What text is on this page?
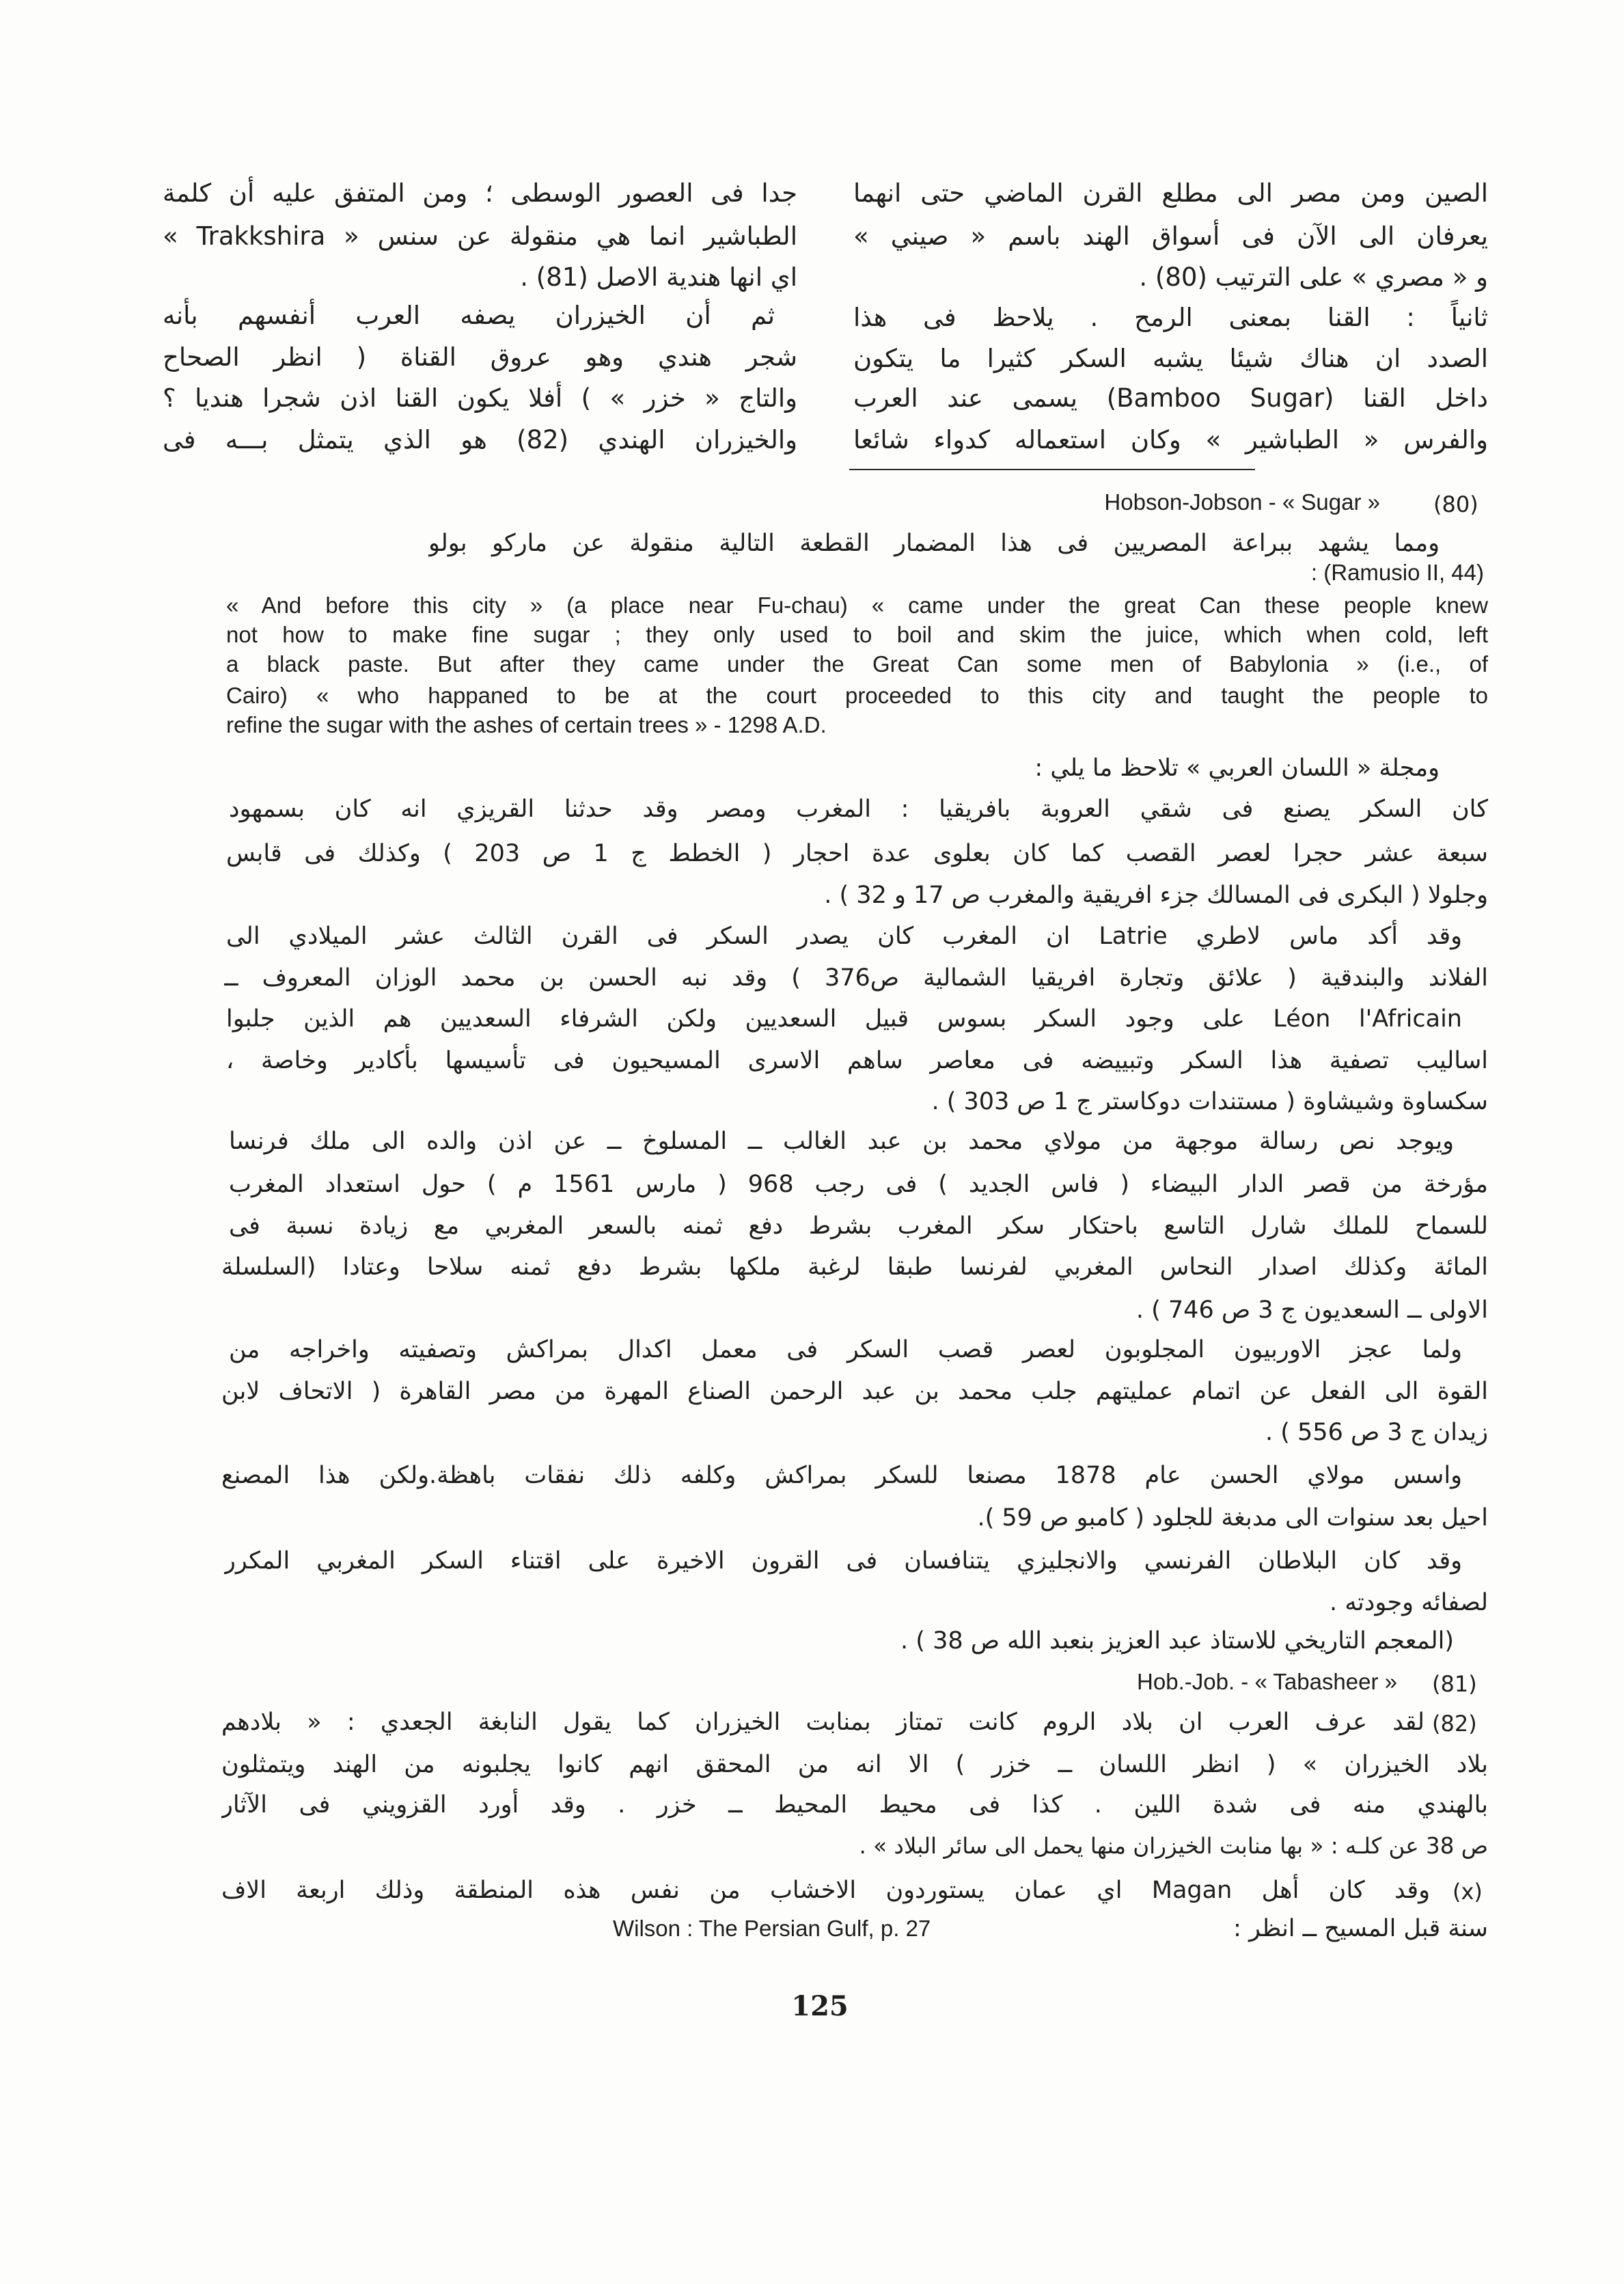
الصين ومن مصر الى مطلع القرن الماضي حتى انهما
يعرفان الى الآن فى أسواق الهند باسم « صيني »
و « مصري » على الترتيب (80) .
ثانياً : القنا بمعنى الرمح . يلاحظ فى هذا
الصدد ان هناك شيئا يشبه السكر كثيرا ما يتكون
داخل القنا (Bamboo Sugar) يسمى عند العرب
والفرس « الطباشير » وكان استعماله كدواء شائعا
جدا فى العصور الوسطى ؛ ومن المتفق عليه أن كلمة
الطباشير انما هي منقولة عن سنس « Trakkshira »
اي انها هندية الاصل (81) .
ثم أن الخيزران يصفه العرب أنفسهم بأنه
شجر هندي وهو عروق القناة ( انظر الصحاح
والتاج « خزر » ) أفلا يكون القنا اذن شجرا هنديا ؟
والخيزران الهندي (82) هو الذي يتمثل بـــه فى
(80)
Hobson-Jobson - « Sugar »
ومما يشهد ببراعة المصريين فى هذا المضمار القطعة التالية منقولة عن ماركو بولو
: (Ramusio II, 44)
« And before this city » (a place near Fu-chau) « came under the great Can these people knew
not how to make fine sugar ; they only used to boil and skim the juice, which when cold, left
a black paste. But after they came under the Great Can some men of Babylonia » (i.e., of
Cairo) « who happaned to be at the court proceeded to this city and taught the people to
refine the sugar with the ashes of certain trees » - 1298 A.D.
ومجلة « اللسان العربي » تلاحظ ما يلي :
كان السكر يصنع فى شقي العروبة بافريقيا : المغرب ومصر وقد حدثنا القريزي انه كان بسمهود
سبعة عشر حجرا لعصر القصب كما كان بعلوى عدة احجار ( الخطط ج 1 ص 203 ) وكذلك فى قابس
وجلولا ( البكرى فى المسالك جزء افريقية والمغرب ص 17 و 32 ) .
وقد أكد ماس لاطري Latrie ان المغرب كان يصدر السكر فى القرن الثالث عشر الميلادي الى
الفلاند والبندقية ( علائق وتجارة افريقيا الشمالية ص376 ) وقد نبه الحسن بن محمد الوزان المعروف ــ
Léon l'Africain على وجود السكر بسوس قبيل السعديين ولكن الشرفاء السعديين هم الذين جلبوا
اساليب تصفية هذا السكر وتبييضه فى معاصر ساهم الاسرى المسيحيون فى تأسيسها بأكادير وخاصة ،
سكساوة وشيشاوة ( مستندات دوكاستر ج 1 ص 303 ) .
ويوجد نص رسالة موجهة من مولاي محمد بن عبد الغالب ــ المسلوخ ــ عن اذن والده الى ملك فرنسا
مؤرخة من قصر الدار البيضاء ( فاس الجديد ) فى رجب 968 ( مارس 1561 م ) حول استعداد المغرب
للسماح للملك شارل التاسع باحتكار سكر المغرب بشرط دفع ثمنه بالسعر المغربي مع زيادة نسبة فى
المائة وكذلك اصدار النحاس المغربي لفرنسا طبقا لرغبة ملكها بشرط دفع ثمنه سلاحا وعتادا (السلسلة
الاولى ــ السعديون ج 3 ص 746 ) .
ولما عجز الاوربيون المجلوبون لعصر قصب السكر فى معمل اكدال بمراكش وتصفيته واخراجه من
القوة الى الفعل عن اتمام عمليتهم جلب محمد بن عبد الرحمن الصناع المهرة من مصر القاهرة ( الاتحاف لابن
زيدان ج 3 ص 556 ) .
واسس مولاي الحسن عام 1878 مصنعا للسكر بمراكش وكلفه ذلك نفقات باهظة.ولكن هذا المصنع
احيل بعد سنوات الى مدبغة للجلود ( كامبو ص 59 ).
وقد كان البلاطان الفرنسي والانجليزي يتنافسان فى القرون الاخيرة على اقتناء السكر المغربي المكرر
لصفائه وجودته .
(المعجم التاريخي للاستاذ عبد العزيز بنعبد الله ص 38 ) .
(81)
Hob.-Job. - « Tabasheer »
(82)
لقد عرف العرب ان بلاد الروم كانت تمتاز بمنابت الخيزران كما يقول النابغة الجعدي : « بلادهم
بلاد الخيزران » ( انظر اللسان ــ خزر ) الا انه من المحقق انهم كانوا يجلبونه من الهند ويتمثلون
بالهندي منه فى شدة اللين . كذا فى محيط المحيط ــ خزر . وقد أورد القزويني فى الآثار
ص 38 عن كلـه : « بها منابت الخيزران منها يحمل الى سائر البلاد » .
(x)
وقد كان أهل Magan اي عمان يستوردون الاخشاب من نفس هذه المنطقة وذلك اربعة الاف
سنة قبل المسيح ــ انظر :
Wilson : The Persian Gulf, p. 27
125
